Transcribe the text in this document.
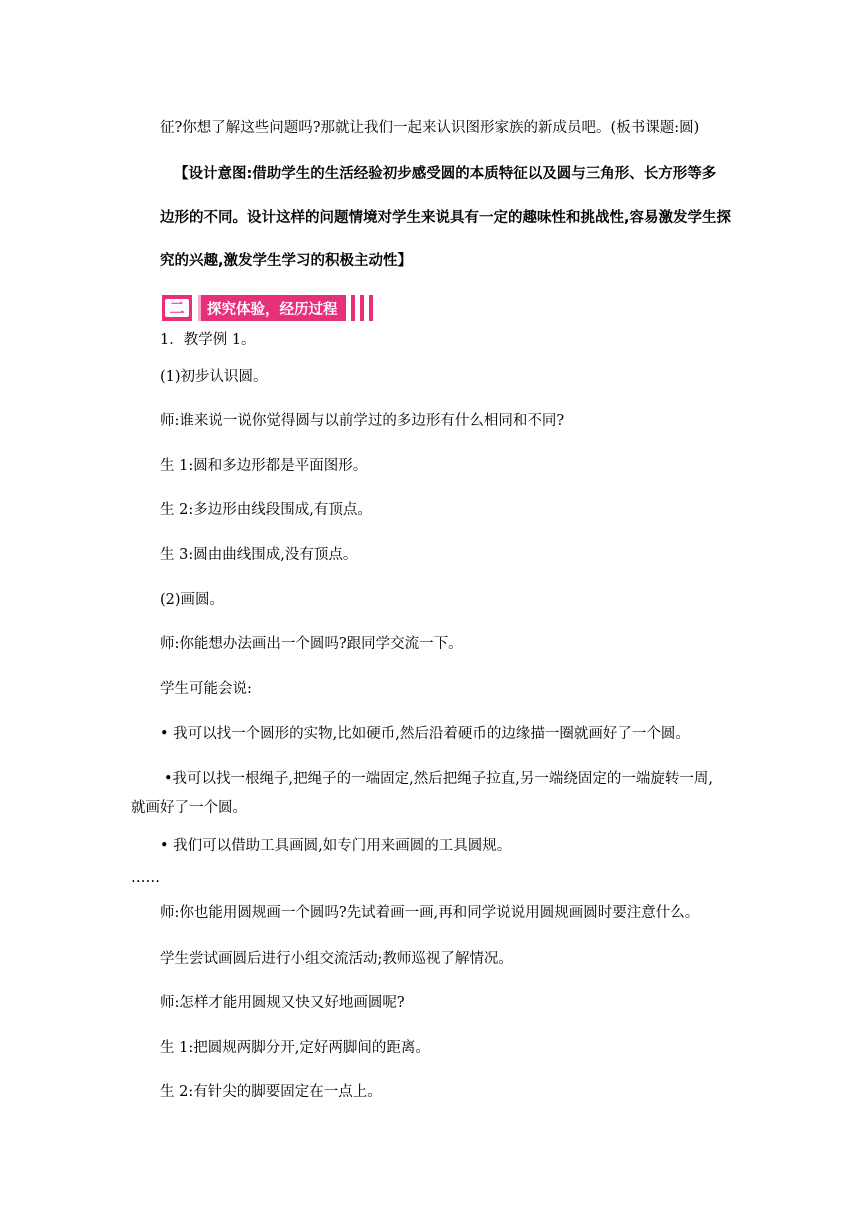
征?你想了解这些问题吗?那就让我们一起来认识图形家族的新成员吧。(板书课题:圆)
【设计意图:借助学生的生活经验初步感受圆的本质特征以及圆与三角形、长方形等多
边形的不同。设计这样的问题情境对学生来说具有一定的趣味性和挑战性,容易激发学生探
究的兴趣,激发学生学习的积极主动性】
二	探究体验，经历过程
1．教学例 1。
(1)初步认识圆。
师:谁来说一说你觉得圆与以前学过的多边形有什么相同和不同?
生 1:圆和多边形都是平面图形。
生 2:多边形由线段围成,有顶点。
生 3:圆由曲线围成,没有顶点。
(2)画圆。
师:你能想办法画出一个圆吗?跟同学交流一下。
学生可能会说:
• 我可以找一个圆形的实物,比如硬币,然后沿着硬币的边缘描一圈就画好了一个圆。
•我可以找一根绳子,把绳子的一端固定,然后把绳子拉直,另一端绕固定的一端旋转一周,
就画好了一个圆。
• 我们可以借助工具画圆,如专门用来画圆的工具圆规。
……
师:你也能用圆规画一个圆吗?先试着画一画,再和同学说说用圆规画圆时要注意什么。
学生尝试画圆后进行小组交流活动;教师巡视了解情况。
师:怎样才能用圆规又快又好地画圆呢?
生 1:把圆规两脚分开,定好两脚间的距离。
生 2:有针尖的脚要固定在一点上。
